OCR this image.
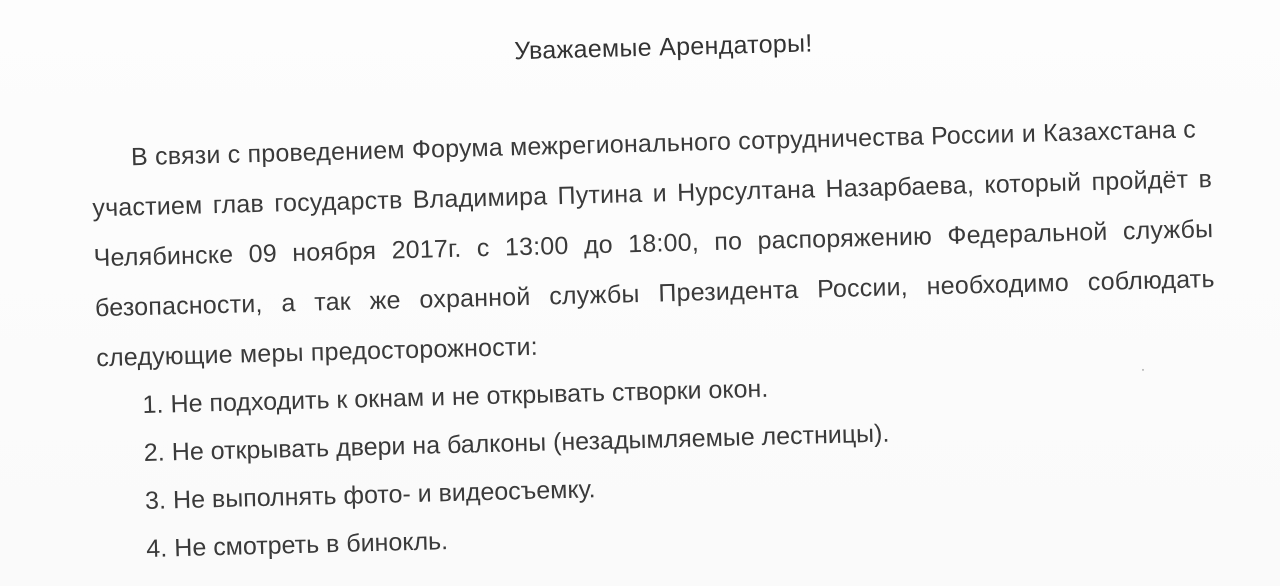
Уважаемые Арендаторы!
В связи с проведением Форума межрегионального сотрудничества России и Казахстана с
участием глав государств Владимира Путина и Нурсултана Назарбаева, который пройдёт в
Челябинске 09 ноября 2017г. с 13:00 до 18:00, по распоряжению Федеральной службы
безопасности, а так же охранной службы Президента России, необходимо соблюдать
следующие меры предосторожности:
1. Не подходить к окнам и не открывать створки окон.
2. Не открывать двери на балконы (незадымляемые лестницы).
3. Не выполнять фото- и видеосъемку.
4. Не смотреть в бинокль.
